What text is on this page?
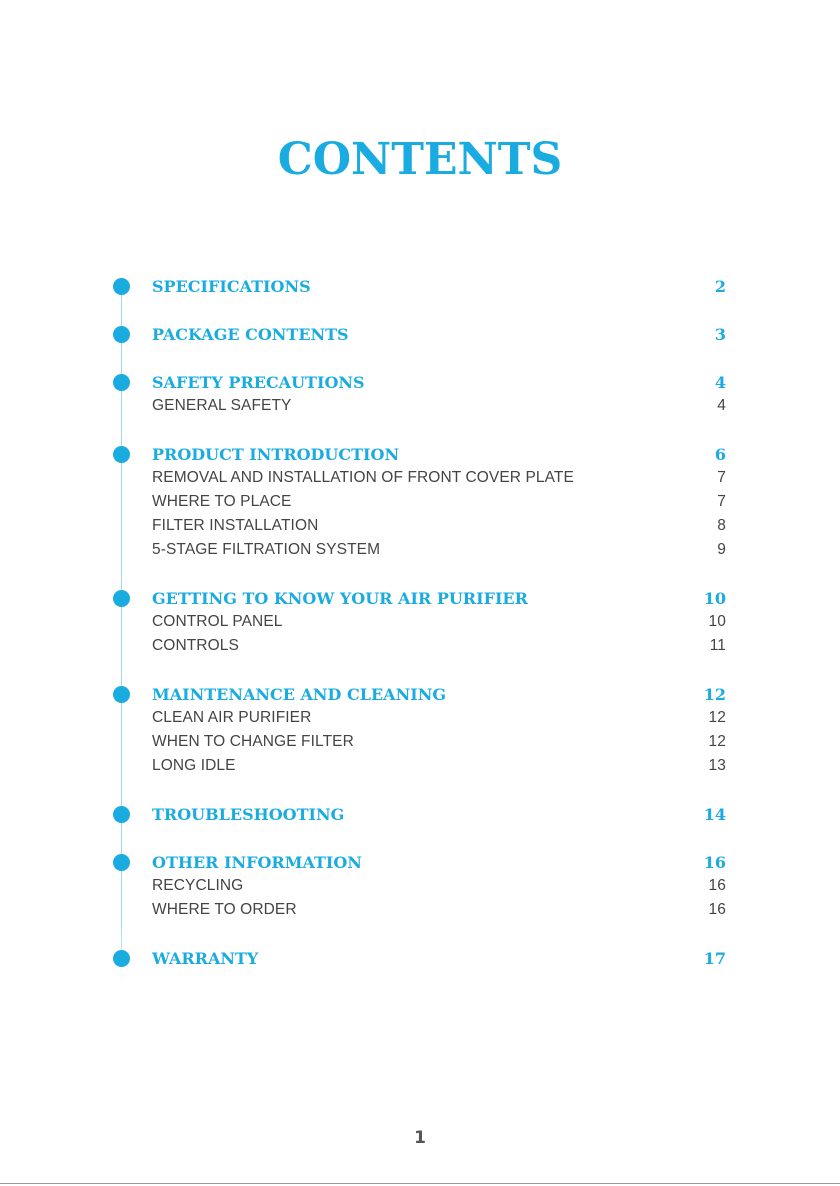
CONTENTS
SPECIFICATIONS	2
PACKAGE CONTENTS	3
SAFETY PRECAUTIONS	4
GENERAL SAFETY	4
PRODUCT INTRODUCTION	6
REMOVAL AND INSTALLATION OF FRONT COVER PLATE	7
WHERE TO PLACE	7
FILTER INSTALLATION	8
5-STAGE FILTRATION SYSTEM	9
GETTING TO KNOW YOUR AIR PURIFIER	10
CONTROL PANEL	10
CONTROLS	11
MAINTENANCE AND CLEANING	12
CLEAN AIR PURIFIER	12
WHEN TO CHANGE FILTER	12
LONG IDLE	13
TROUBLESHOOTING	14
OTHER INFORMATION	16
RECYCLING	16
WHERE TO ORDER	16
WARRANTY	17
1
